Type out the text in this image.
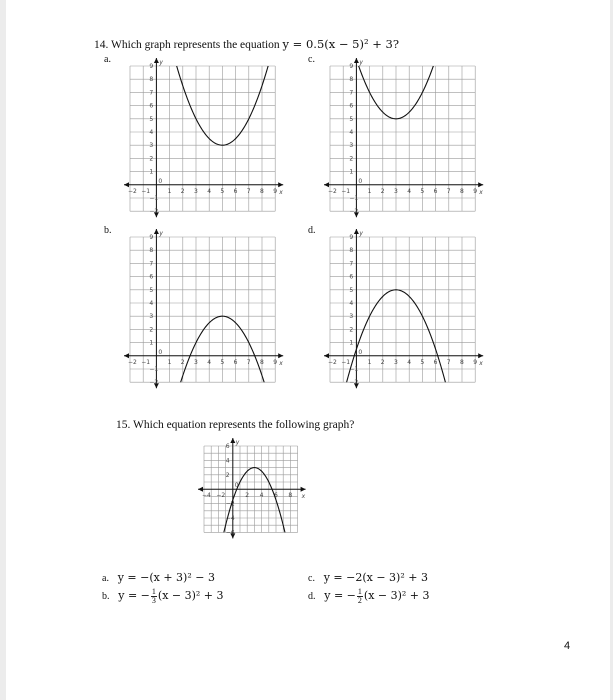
14. Which graph represents the equation y = 0.5(x − 5)² + 3?
a.	c.
b.	d.
x
y
−2 −1	1 2 3 4 5 6 7 8 9
−2
−1
1
2
3
4
5
6
7
8
9
0
x
y
−2 −1	1 2 3 4 5 6 7 8 9
−2
−1
1
2
3
4
5
6
7
8
9
0
x
y
−2 −1	1 2 3 4 5 6 7 8 9
−2
−1
1
2
3
4
5
6
7
8
9
0
x
y
−2 −1	1 2 3 4 5 6 7 8 9
−2
−1
1
2
3
4
5
6
7
8
9
0
15. Which equation represents the following graph?
x
y
−4 −2	2 4 6 8
−6
−4
−2
2
4
6
0
a. y = −(x + 3)² − 3	c. y = −2(x − 3)² + 3
b. y = − $\frac{1}{3} (x - 3)^2 + 3$	d. y = − $\frac{1}{2} (x - 3)^2 + 3$
4
